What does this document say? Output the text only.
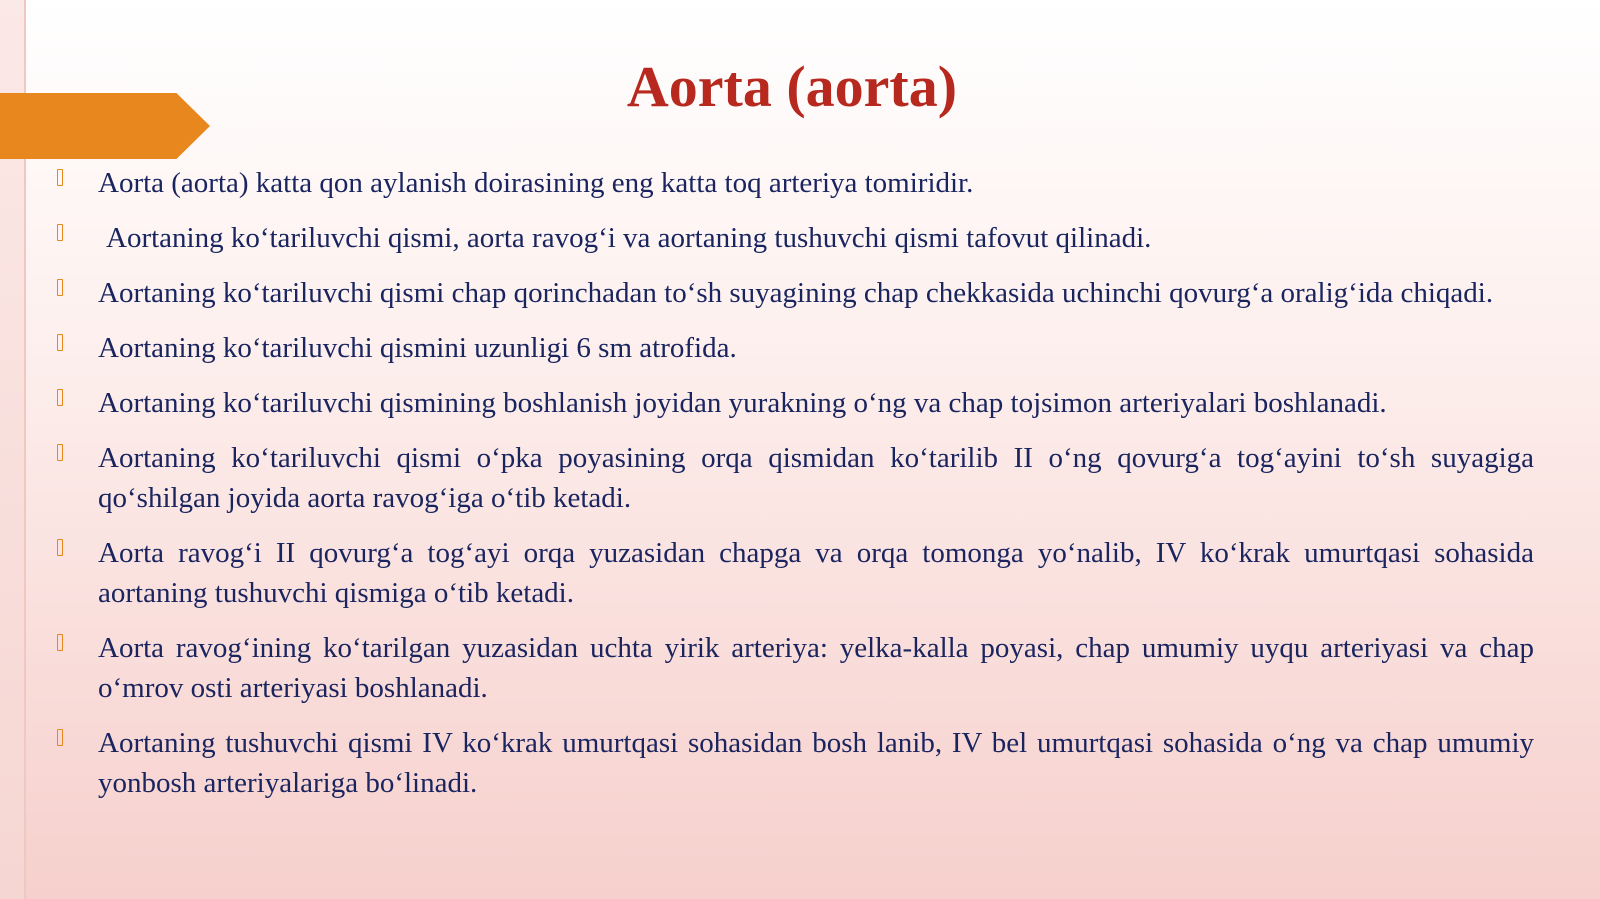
Aorta (aorta)
Aorta (aorta) katta qon aylanish doirasining eng katta toq arteriya tomiridir.
Aortaning ko‘tariluvchi qismi, aorta ravog‘i va aortaning tushuvchi qismi tafovut qilinadi.
Aortaning ko‘tariluvchi qismi chap qorinchadan to‘sh suyagining chap chekkasida uchinchi qovurg‘a oralig‘ida chiqadi.
Aortaning ko‘tariluvchi qismini uzunligi 6 sm atrofida.
Aortaning ko‘tariluvchi qismining boshlanish joyidan yurakning o‘ng va chap tojsimon arteriyalari boshlanadi.
Aortaning ko‘tariluvchi qismi o‘pka poyasining orqa qismidan ko‘tarilib II o‘ng qovurg‘a tog‘ayini to‘sh suyagiga qo‘shilgan joyida aorta ravog‘iga o‘tib ketadi.
Aorta ravog‘i II qovurg‘a tog‘ayi orqa yuzasidan chapga va orqa tomonga yo‘nalib, IV ko‘krak umurtqasi sohasida aortaning tushuvchi qismiga o‘tib ketadi.
Aorta ravog‘ining ko‘tarilgan yuzasidan uchta yirik arteriya: yelka-kalla poyasi, chap umumiy uyqu arteriyasi va chap o‘mrov osti arteriyasi boshlanadi.
Aortaning tushuvchi qismi IV ko‘krak umurtqasi sohasidan bosh lanib, IV bel umurtqasi sohasida o‘ng va chap umumiy yonbosh arteriyalariga bo‘linadi.
